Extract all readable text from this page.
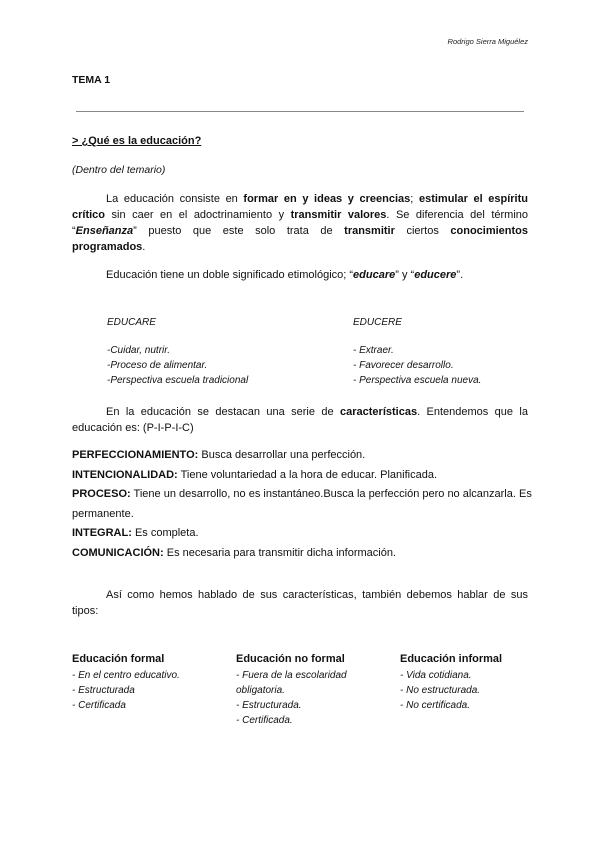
Rodrigo Sierra Miguélez
TEMA 1
> ¿Qué es la educación?
(Dentro del temario)
La educación consiste en formar en y ideas y creencias; estimular el espíritu crítico sin caer en el adoctrinamiento y transmitir valores. Se diferencia del término “Enseñanza” puesto que este solo trata de transmitir ciertos conocimientos programados.
Educación tiene un doble significado etimológico; “educare” y “educere”.
EDUCARE
-Cuidar, nutrir.
-Proceso de alimentar.
-Perspectiva escuela tradicional
EDUCERE
- Extraer.
- Favorecer desarrollo.
- Perspectiva escuela nueva.
En la educación se destacan una serie de características. Entendemos que la educación es: (P-I-P-I-C)
PERFECCIONAMIENTO: Busca desarrollar una perfección.
INTENCIONALIDAD: Tiene voluntariedad a la hora de educar. Planificada.
PROCESO: Tiene un desarrollo, no es instantáneo.Busca la perfección pero no alcanzarla. Es permanente.
INTEGRAL: Es completa.
COMUNICACIÓN: Es necesaria para transmitir dicha información.
Así como hemos hablado de sus características, también debemos hablar de sus tipos:
Educación formal
- En el centro educativo.
- Estructurada
- Certificada
Educación no formal
- Fuera de la escolaridad obligatoria.
- Estructurada.
- Certificada.
Educación informal
- Vida cotidiana.
- No estructurada.
- No certificada.
